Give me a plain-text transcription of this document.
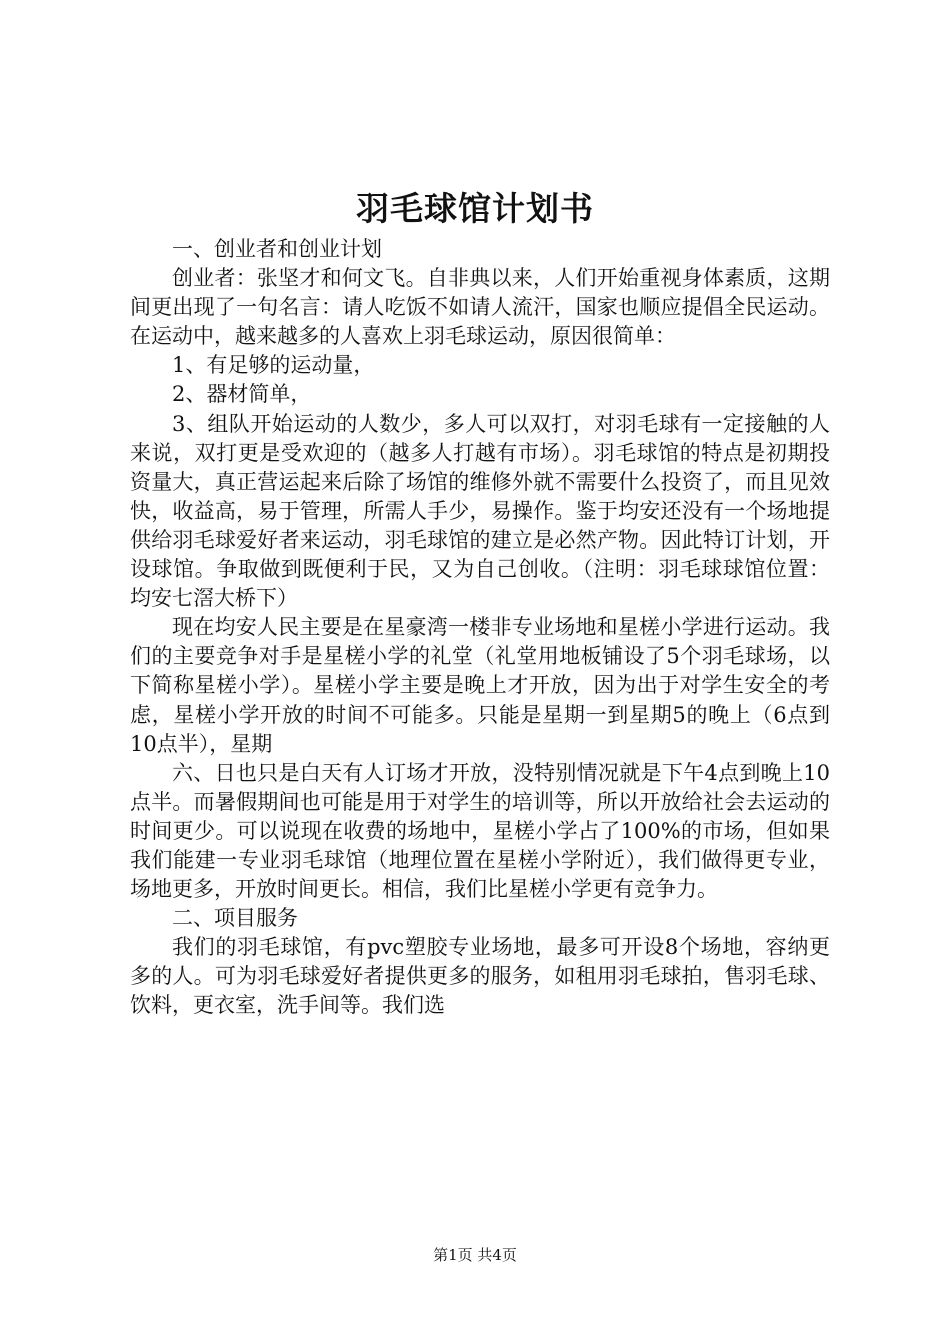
羽毛球馆计划书

一、创业者和创业计划

创业者：张坚才和何文飞。自非典以来，人们开始重视身体素质，这期间更出现了一句名言：请人吃饭不如请人流汗，国家也顺应提倡全民运动。在运动中，越来越多的人喜欢上羽毛球运动，原因很简单：

1、有足够的运动量，

2、器材简单，

3、组队开始运动的人数少，多人可以双打，对羽毛球有一定接触的人来说，双打更是受欢迎的（越多人打越有市场）。羽毛球馆的特点是初期投资量大，真正营运起来后除了场馆的维修外就不需要什么投资了，而且见效快，收益高，易于管理，所需人手少，易操作。鉴于均安还没有一个场地提供给羽毛球爱好者来运动，羽毛球馆的建立是必然产物。因此特订计划，开设球馆。争取做到既便利于民，又为自己创收。（注明：羽毛球球馆位置：均安七滘大桥下）

现在均安人民主要是在星豪湾一楼非专业场地和星槎小学进行运动。我们的主要竞争对手是星槎小学的礼堂（礼堂用地板铺设了5个羽毛球场，以下简称星槎小学）。星槎小学主要是晚上才开放，因为出于对学生安全的考虑，星槎小学开放的时间不可能多。只能是星期一到星期5的晚上（6点到10点半），星期

六、日也只是白天有人订场才开放，没特别情况就是下午4点到晚上10点半。而暑假期间也可能是用于对学生的培训等，所以开放给社会去运动的时间更少。可以说现在收费的场地中，星槎小学占了100%的市场，但如果我们能建一专业羽毛球馆（地理位置在星槎小学附近），我们做得更专业，场地更多，开放时间更长。相信，我们比星槎小学更有竞争力。

二、项目服务

我们的羽毛球馆，有pvc塑胶专业场地，最多可开设8个场地，容纳更多的人。可为羽毛球爱好者提供更多的服务，如租用羽毛球拍，售羽毛球、饮料，更衣室，洗手间等。我们选

第1页 共4页
